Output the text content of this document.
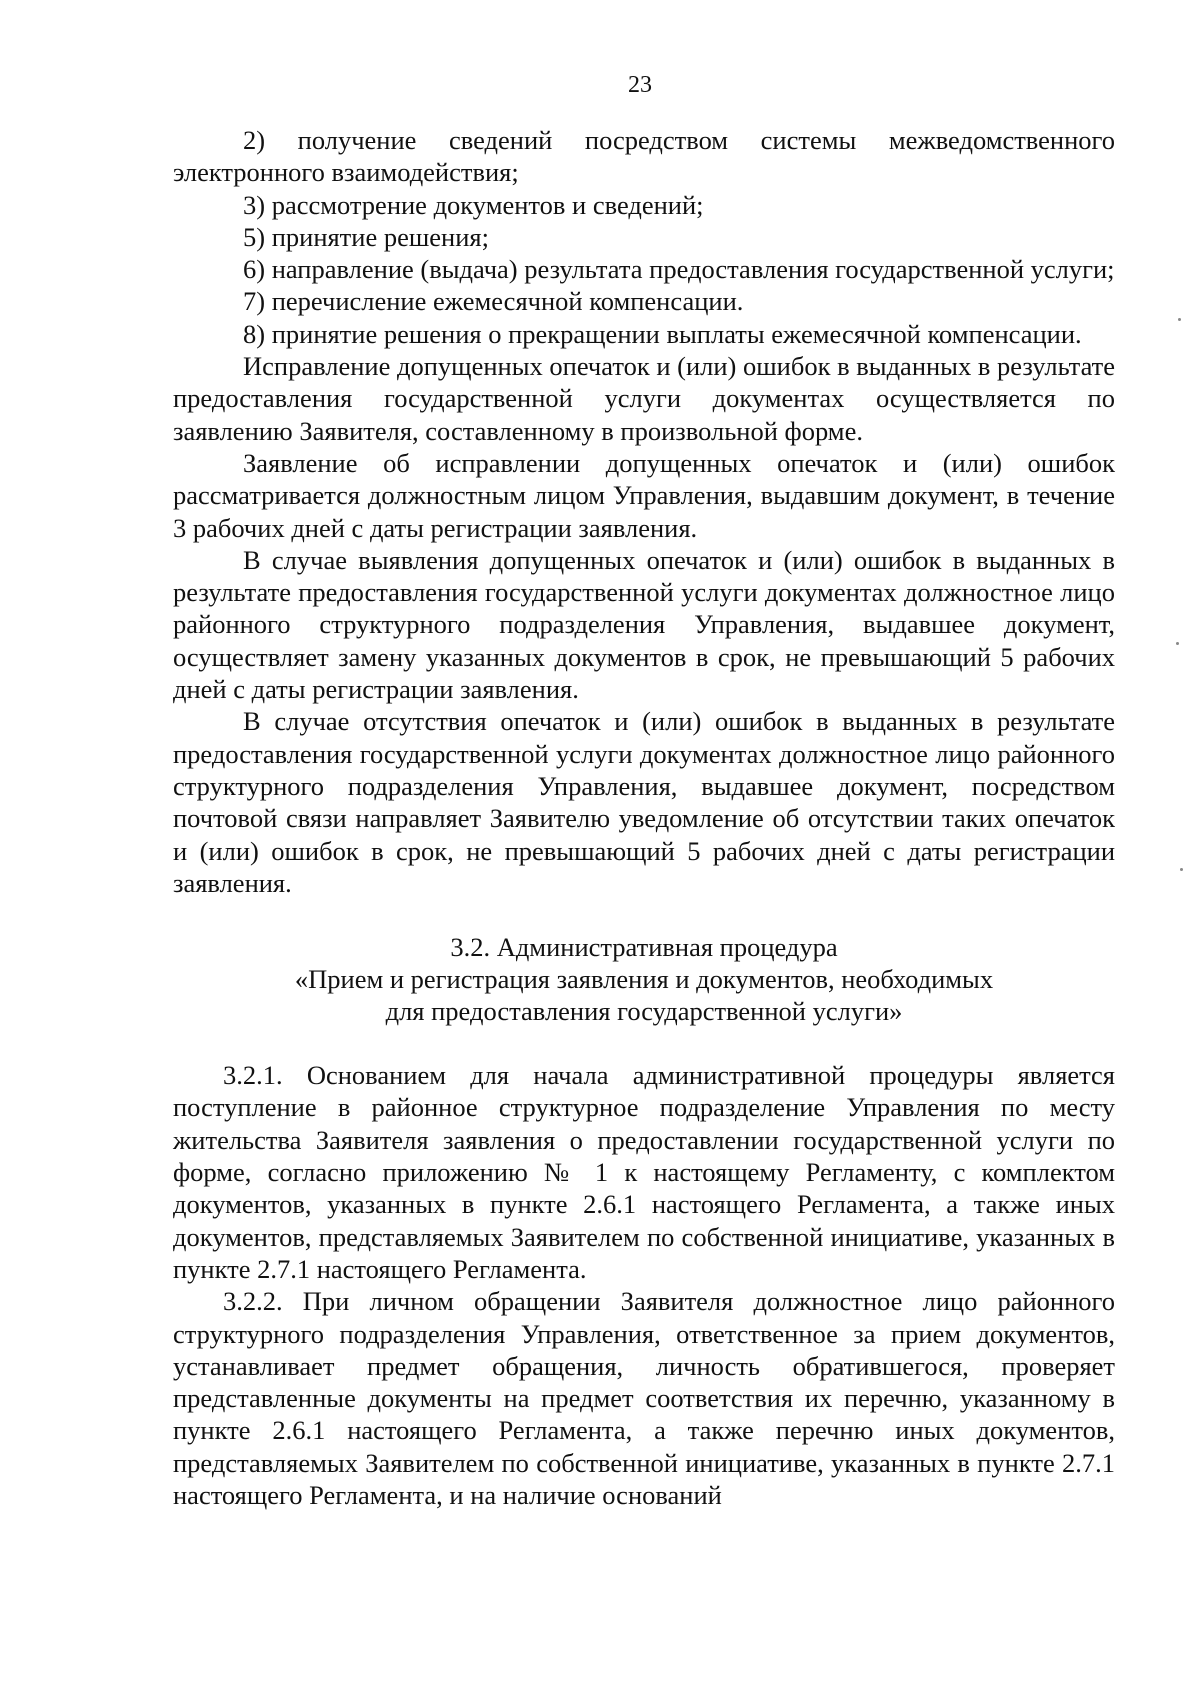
23

2) получение сведений посредством системы межведомственного электронного взаимодействия;

3) рассмотрение документов и сведений;

5) принятие решения;

6) направление (выдача) результата предоставления государственной услуги;

7) перечисление ежемесячной компенсации.

8) принятие решения о прекращении выплаты ежемесячной компенсации.

Исправление допущенных опечаток и (или) ошибок в выданных в результате предоставления государственной услуги документах осуществляется по заявлению Заявителя, составленному в произвольной форме.

Заявление об исправлении допущенных опечаток и (или) ошибок рассматривается должностным лицом Управления, выдавшим документ, в течение 3 рабочих дней с даты регистрации заявления.

В случае выявления допущенных опечаток и (или) ошибок в выданных в результате предоставления государственной услуги документах должностное лицо районного структурного подразделения Управления, выдавшее документ, осуществляет замену указанных документов в срок, не превышающий 5 рабочих дней с даты регистрации заявления.

В случае отсутствия опечаток и (или) ошибок в выданных в результате предоставления государственной услуги документах должностное лицо районного структурного подразделения Управления, выдавшее документ, посредством почтовой связи направляет Заявителю уведомление об отсутствии таких опечаток и (или) ошибок в срок, не превышающий 5 рабочих дней с даты регистрации заявления.

3.2. Административная процедура
«Прием и регистрация заявления и документов, необходимых
для предоставления государственной услуги»

3.2.1. Основанием для начала административной процедуры является поступление в районное структурное подразделение Управления по месту жительства Заявителя заявления о предоставлении государственной услуги по форме, согласно приложению № 1 к настоящему Регламенту, с комплектом документов, указанных в пункте 2.6.1 настоящего Регламента, а также иных документов, представляемых Заявителем по собственной инициативе, указанных в пункте 2.7.1 настоящего Регламента.

3.2.2. При личном обращении Заявителя должностное лицо районного структурного подразделения Управления, ответственное за прием документов, устанавливает предмет обращения, личность обратившегося, проверяет представленные документы на предмет соответствия их перечню, указанному в пункте 2.6.1 настоящего Регламента, а также перечню иных документов, представляемых Заявителем по собственной инициативе, указанных в пункте 2.7.1 настоящего Регламента, и на наличие оснований
